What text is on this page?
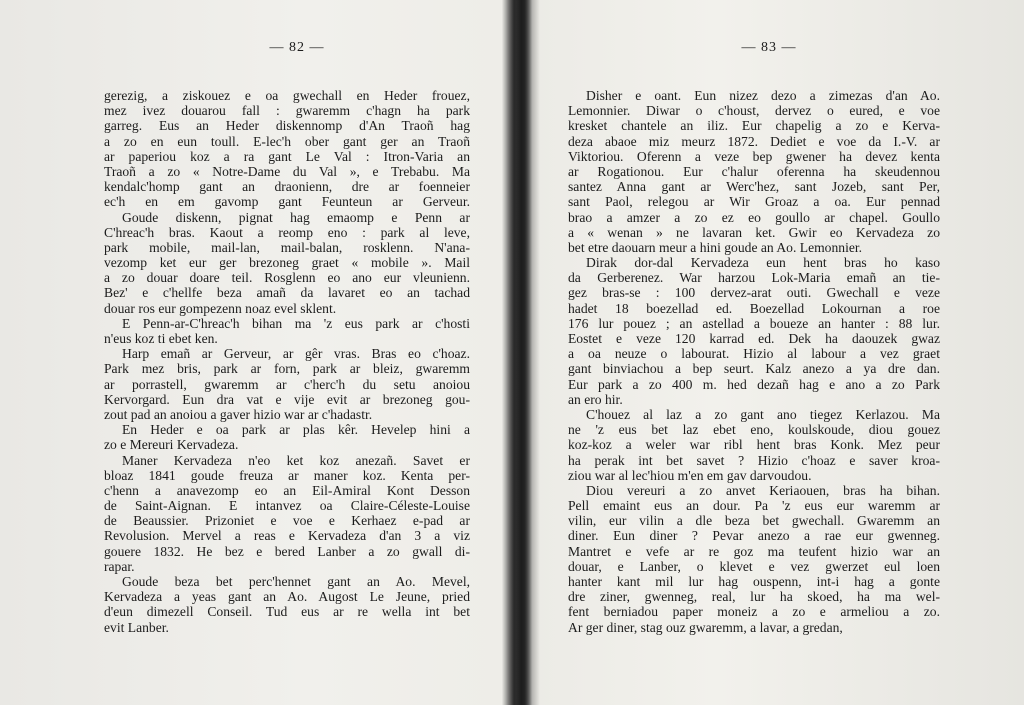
— 82 —
gerezig, a ziskouez e oa gwechall en Heder frouez,
mez ivez douarou fall : gwaremm c'hagn ha park
garreg. Eus an Heder diskennomp d'An Traoñ hag
a zo en eun toull. E-lec'h ober gant ger an Traoñ
ar paperiou koz a ra gant Le Val : Itron-Varia an
Traoñ a zo « Notre-Dame du Val », e Trebabu. Ma
kendalc'homp gant an draonienn, dre ar foenneier
ec'h en em gavomp gant Feunteun ar Gerveur.
Goude diskenn, pignat hag emaomp e Penn ar
C'hreac'h bras. Kaout a reomp eno : park al leve,
park mobile, mail-lan, mail-balan, rosklenn. N'ana-
vezomp ket eur ger brezoneg graet « mobile ». Mail
a zo douar doare teil. Rosglenn eo ano eur vleunienn.
Bez' e c'hellfe beza amañ da lavaret eo an tachad
douar ros eur gompezenn noaz evel sklent.
E Penn-ar-C'hreac'h bihan ma 'z eus park ar c'hosti
n'eus koz ti ebet ken.
Harp emañ ar Gerveur, ar gêr vras. Bras eo c'hoaz.
Park mez bris, park ar forn, park ar bleiz, gwaremm
ar porrastell, gwaremm ar c'herc'h du setu anoiou
Kervorgard. Eun dra vat e vije evit ar brezoneg gou-
zout pad an anoiou a gaver hizio war ar c'hadastr.
En Heder e oa park ar plas kêr. Hevelep hini a
zo e Mereuri Kervadeza.
Maner Kervadeza n'eo ket koz anezañ. Savet er
bloaz 1841 goude freuza ar maner koz. Kenta per-
c'henn a anavezomp eo an Eil-Amiral Kont Desson
de Saint-Aignan. E intanvez oa Claire-Céleste-Louise
de Beaussier. Prizoniet e voe e Kerhaez e-pad ar
Revolusion. Mervel a reas e Kervadeza d'an 3 a viz
gouere 1832. He bez e bered Lanber a zo gwall di-
rapar.
Goude beza bet perc'hennet gant an Ao. Mevel,
Kervadeza a yeas gant an Ao. Augost Le Jeune, pried
d'eun dimezell Conseil. Tud eus ar re wella int bet
evit Lanber.
— 83 —
Disher e oant. Eun nizez dezo a zimezas d'an Ao.
Lemonnier. Diwar o c'houst, dervez o eured, e voe
kresket chantele an iliz. Eur chapelig a zo e Kerva-
deza abaoe miz meurz 1872. Dediet e voe da I.-V. ar
Viktoriou. Oferenn a veze bep gwener ha devez kenta
ar Rogationou. Eur c'halur oferenna ha skeudennou
santez Anna gant ar Werc'hez, sant Jozeb, sant Per,
sant Paol, relegou ar Wir Groaz a oa. Eur pennad
brao a amzer a zo ez eo goullo ar chapel. Goullo
a « wenan » ne lavaran ket. Gwir eo Kervadeza zo
bet etre daouarn meur a hini goude an Ao. Lemonnier.
Dirak dor-dal Kervadeza eun hent bras ho kaso
da Gerberenez. War harzou Lok-Maria emañ an tie-
gez bras-se : 100 dervez-arat outi. Gwechall e veze
hadet 18 boezellad ed. Boezellad Lokournan a roe
176 lur pouez ; an astellad a boueze an hanter : 88 lur.
Eostet e veze 120 karrad ed. Dek ha daouzek gwaz
a oa neuze o labourat. Hizio al labour a vez graet
gant binviachou a bep seurt. Kalz anezo a ya dre dan.
Eur park a zo 400 m. hed dezañ hag e ano a zo Park
an ero hir.
C'houez al laz a zo gant ano tiegez Kerlazou. Ma
ne 'z eus bet laz ebet eno, koulskoude, diou gouez
koz-koz a weler war ribl hent bras Konk. Mez peur
ha perak int bet savet ? Hizio c'hoaz e saver kroa-
ziou war al lec'hiou m'en em gav darvoudou.
Diou vereuri a zo anvet Keriaouen, bras ha bihan.
Pell emaint eus an dour. Pa 'z eus eur waremm ar
vilin, eur vilin a dle beza bet gwechall. Gwaremm an
diner. Eun diner ? Pevar anezo a rae eur gwenneg.
Mantret e vefe ar re goz ma teufent hizio war an
douar, e Lanber, o klevet e vez gwerzet eul loen
hanter kant mil lur hag ouspenn, int-i hag a gonte
dre ziner, gwenneg, real, lur ha skoed, ha ma wel-
fent berniadou paper moneiz a zo e armeliou a zo.
Ar ger diner, stag ouz gwaremm, a lavar, a gredan,
